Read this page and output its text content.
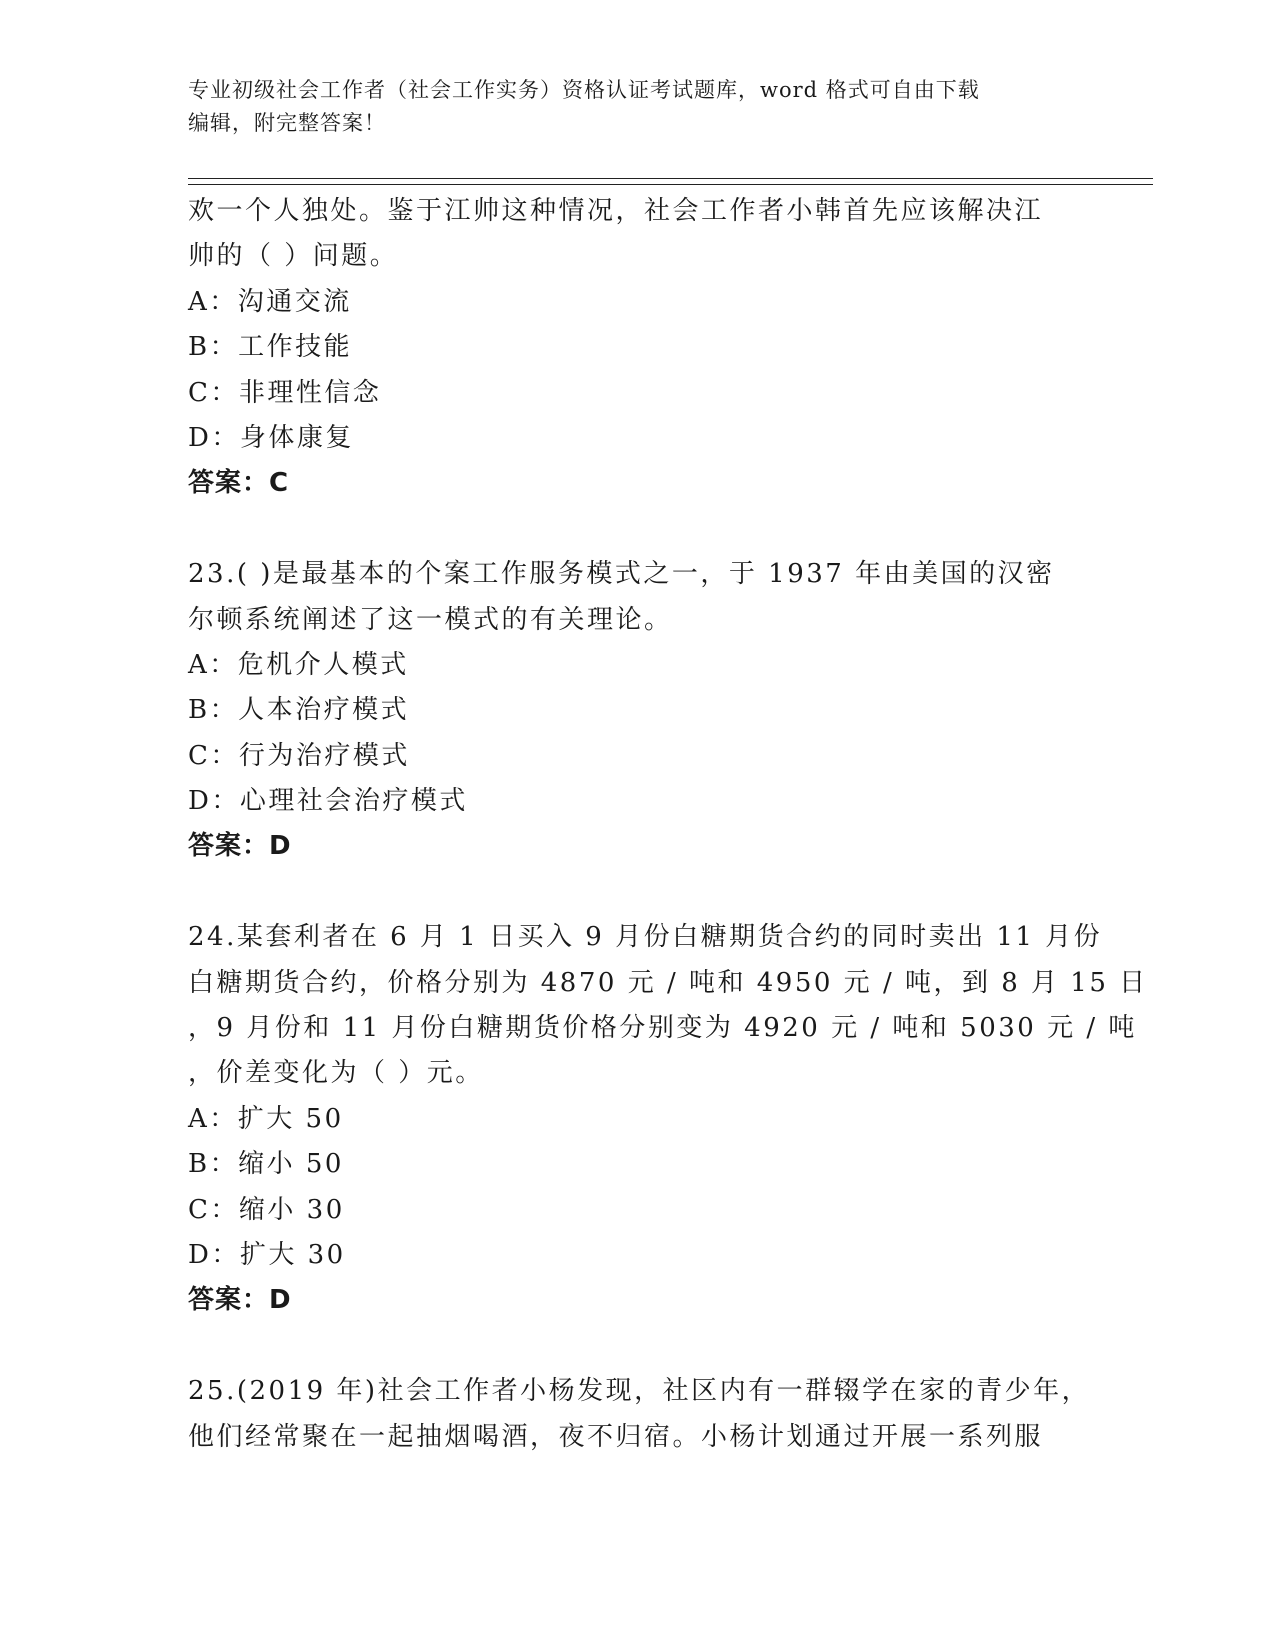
专业初级社会工作者（社会工作实务）资格认证考试题库，word 格式可自由下载
编辑，附完整答案！
欢一个人独处。鉴于江帅这种情况，社会工作者小韩首先应该解决江
帅的（ ）问题。
A：沟通交流
B：工作技能
C：非理性信念
D：身体康复
答案：C
23.( )是最基本的个案工作服务模式之一，于 1937 年由美国的汉密
尔顿系统阐述了这一模式的有关理论。
A：危机介人模式
B：人本治疗模式
C：行为治疗模式
D：心理社会治疗模式
答案：D
24.某套利者在 6 月 1 日买入 9 月份白糖期货合约的同时卖出 11 月份
白糖期货合约，价格分别为 4870 元 / 吨和 4950 元 / 吨，到 8 月 15 日
，9 月份和 11 月份白糖期货价格分别变为 4920 元 / 吨和 5030 元 / 吨
，价差变化为（ ）元。
A：扩大 50
B：缩小 50
C：缩小 30
D：扩大 30
答案：D
25.(2019 年)社会工作者小杨发现，社区内有一群辍学在家的青少年，
他们经常聚在一起抽烟喝酒，夜不归宿。小杨计划通过开展一系列服
